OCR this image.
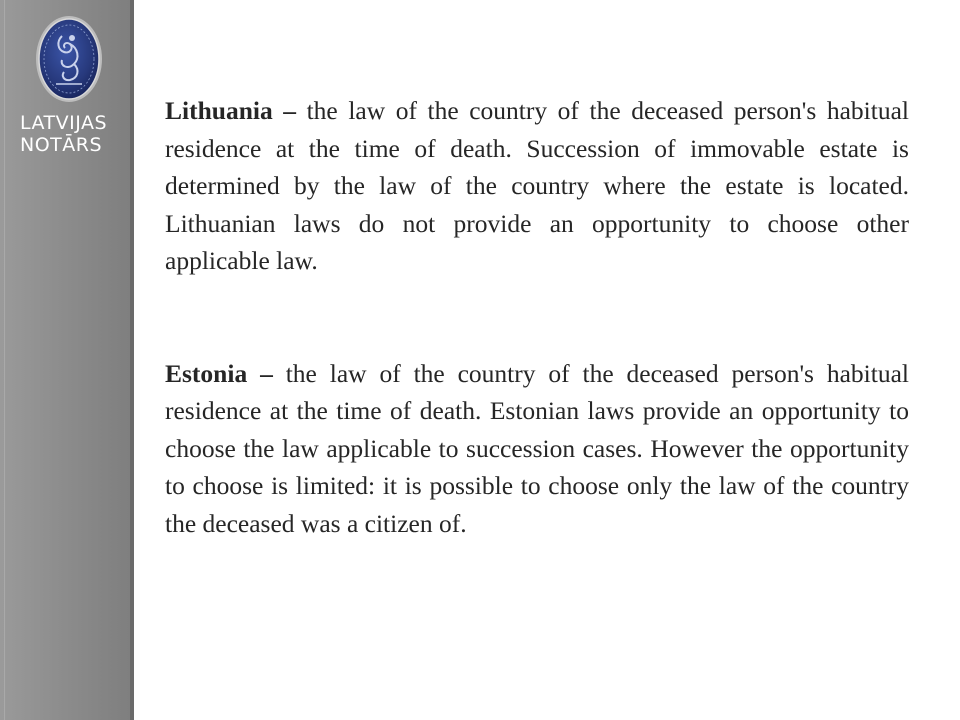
LATVIJAS
NOTĀRS

Lithuania – the law of the country of the deceased person's habitual residence at the time of death. Succession of immovable estate is determined by the law of the country where the estate is located. Lithuanian laws do not provide an opportunity to choose other applicable law.

Estonia – the law of the country of the deceased person's habitual residence at the time of death. Estonian laws provide an opportunity to choose the law applicable to succession cases. However the opportunity to choose is limited: it is possible to choose only the law of the country the deceased was a citizen of.
